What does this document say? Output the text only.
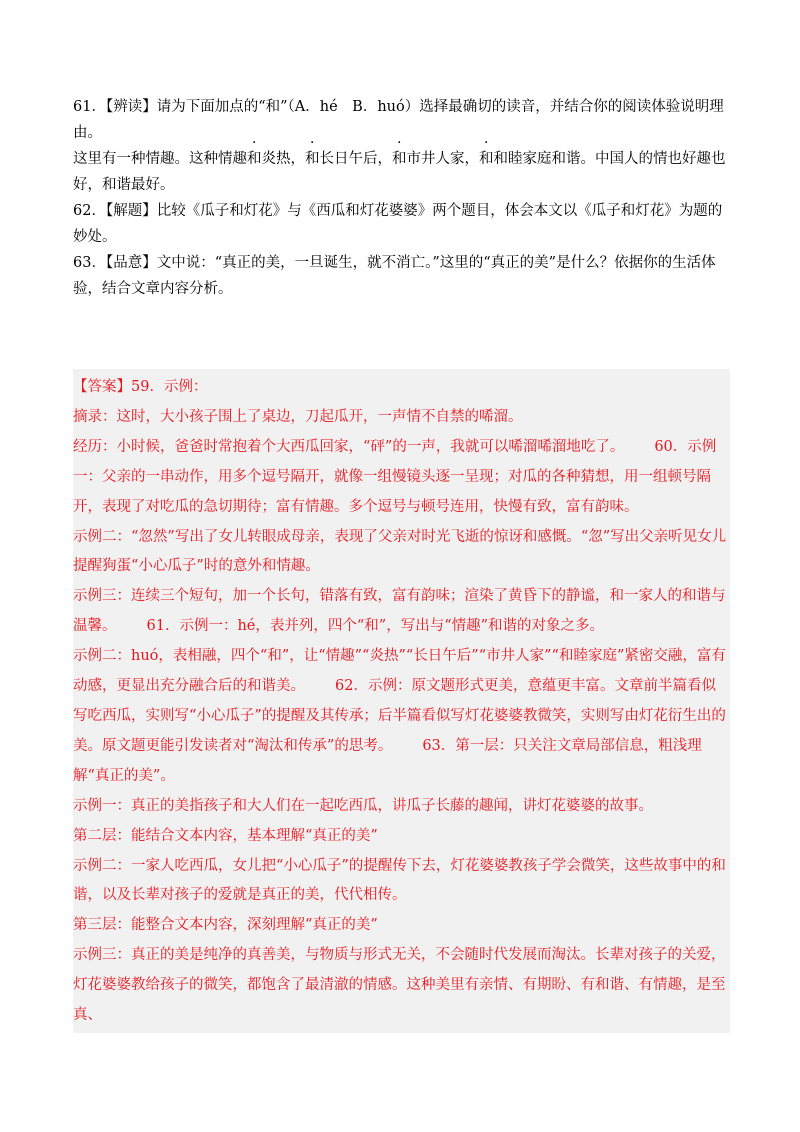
61．【辨读】请为下面加点的“和”（A．hé　B．huó）选择最确切的读音，并结合你的阅读体验说明理由。

这里有一种情趣。这种情趣和炎热，和长日午后，和市井人家，和和睦家庭和谐。中国人的情也好趣也好，和谐最好。

62．【解题】比较《瓜子和灯花》与《西瓜和灯花婆婆》两个题目，体会本文以《瓜子和灯花》为题的妙处。

63．【品意】文中说：“真正的美，一旦诞生，就不消亡。”这里的“真正的美”是什么？依据你的生活体验，结合文章内容分析。

【答案】59．示例：

摘录：这时，大小孩子围上了桌边，刀起瓜开，一声情不自禁的唏溜。

经历：小时候，爸爸时常抱着个大西瓜回家，“砰”的一声，我就可以唏溜唏溜地吃了。 60．示例一：父亲的一串动作，用多个逗号隔开，就像一组慢镜头逐一呈现；对瓜的各种猜想，用一组顿号隔开，表现了对吃瓜的急切期待；富有情趣。多个逗号与顿号连用，快慢有致，富有韵味。

示例二：“忽然”写出了女儿转眼成母亲，表现了父亲对时光飞逝的惊讶和感慨。“忽”写出父亲听见女儿提醒狗蛋“小心瓜子”时的意外和情趣。

示例三：连续三个短句，加一个长句，错落有致，富有韵味；渲染了黄昏下的静谧，和一家人的和谐与温馨。 61．示例一：hé，表并列，四个“和”，写出与“情趣”和谐的对象之多。

示例二：huó，表相融，四个“和”，让“情趣”“炎热”“长日午后”“市井人家”“和睦家庭”紧密交融，富有动感，更显出充分融合后的和谐美。 62．示例：原文题形式更美，意蕴更丰富。文章前半篇看似写吃西瓜，实则写“小心瓜子”的提醒及其传承；后半篇看似写灯花婆婆教微笑，实则写由灯花衍生出的美。原文题更能引发读者对“淘汰和传承”的思考。 63．第一层：只关注文章局部信息，粗浅理解“真正的美”。

示例一：真正的美指孩子和大人们在一起吃西瓜，讲瓜子长藤的趣闻，讲灯花婆婆的故事。

第二层：能结合文本内容，基本理解“真正的美”

示例二：一家人吃西瓜，女儿把“小心瓜子”的提醒传下去，灯花婆婆教孩子学会微笑，这些故事中的和谐，以及长辈对孩子的爱就是真正的美，代代相传。

第三层：能整合文本内容，深刻理解“真正的美”

示例三：真正的美是纯净的真善美，与物质与形式无关，不会随时代发展而淘汰。长辈对孩子的关爱，灯花婆婆教给孩子的微笑，都饱含了最清澈的情感。这种美里有亲情、有期盼、有和谐、有情趣，是至真、
